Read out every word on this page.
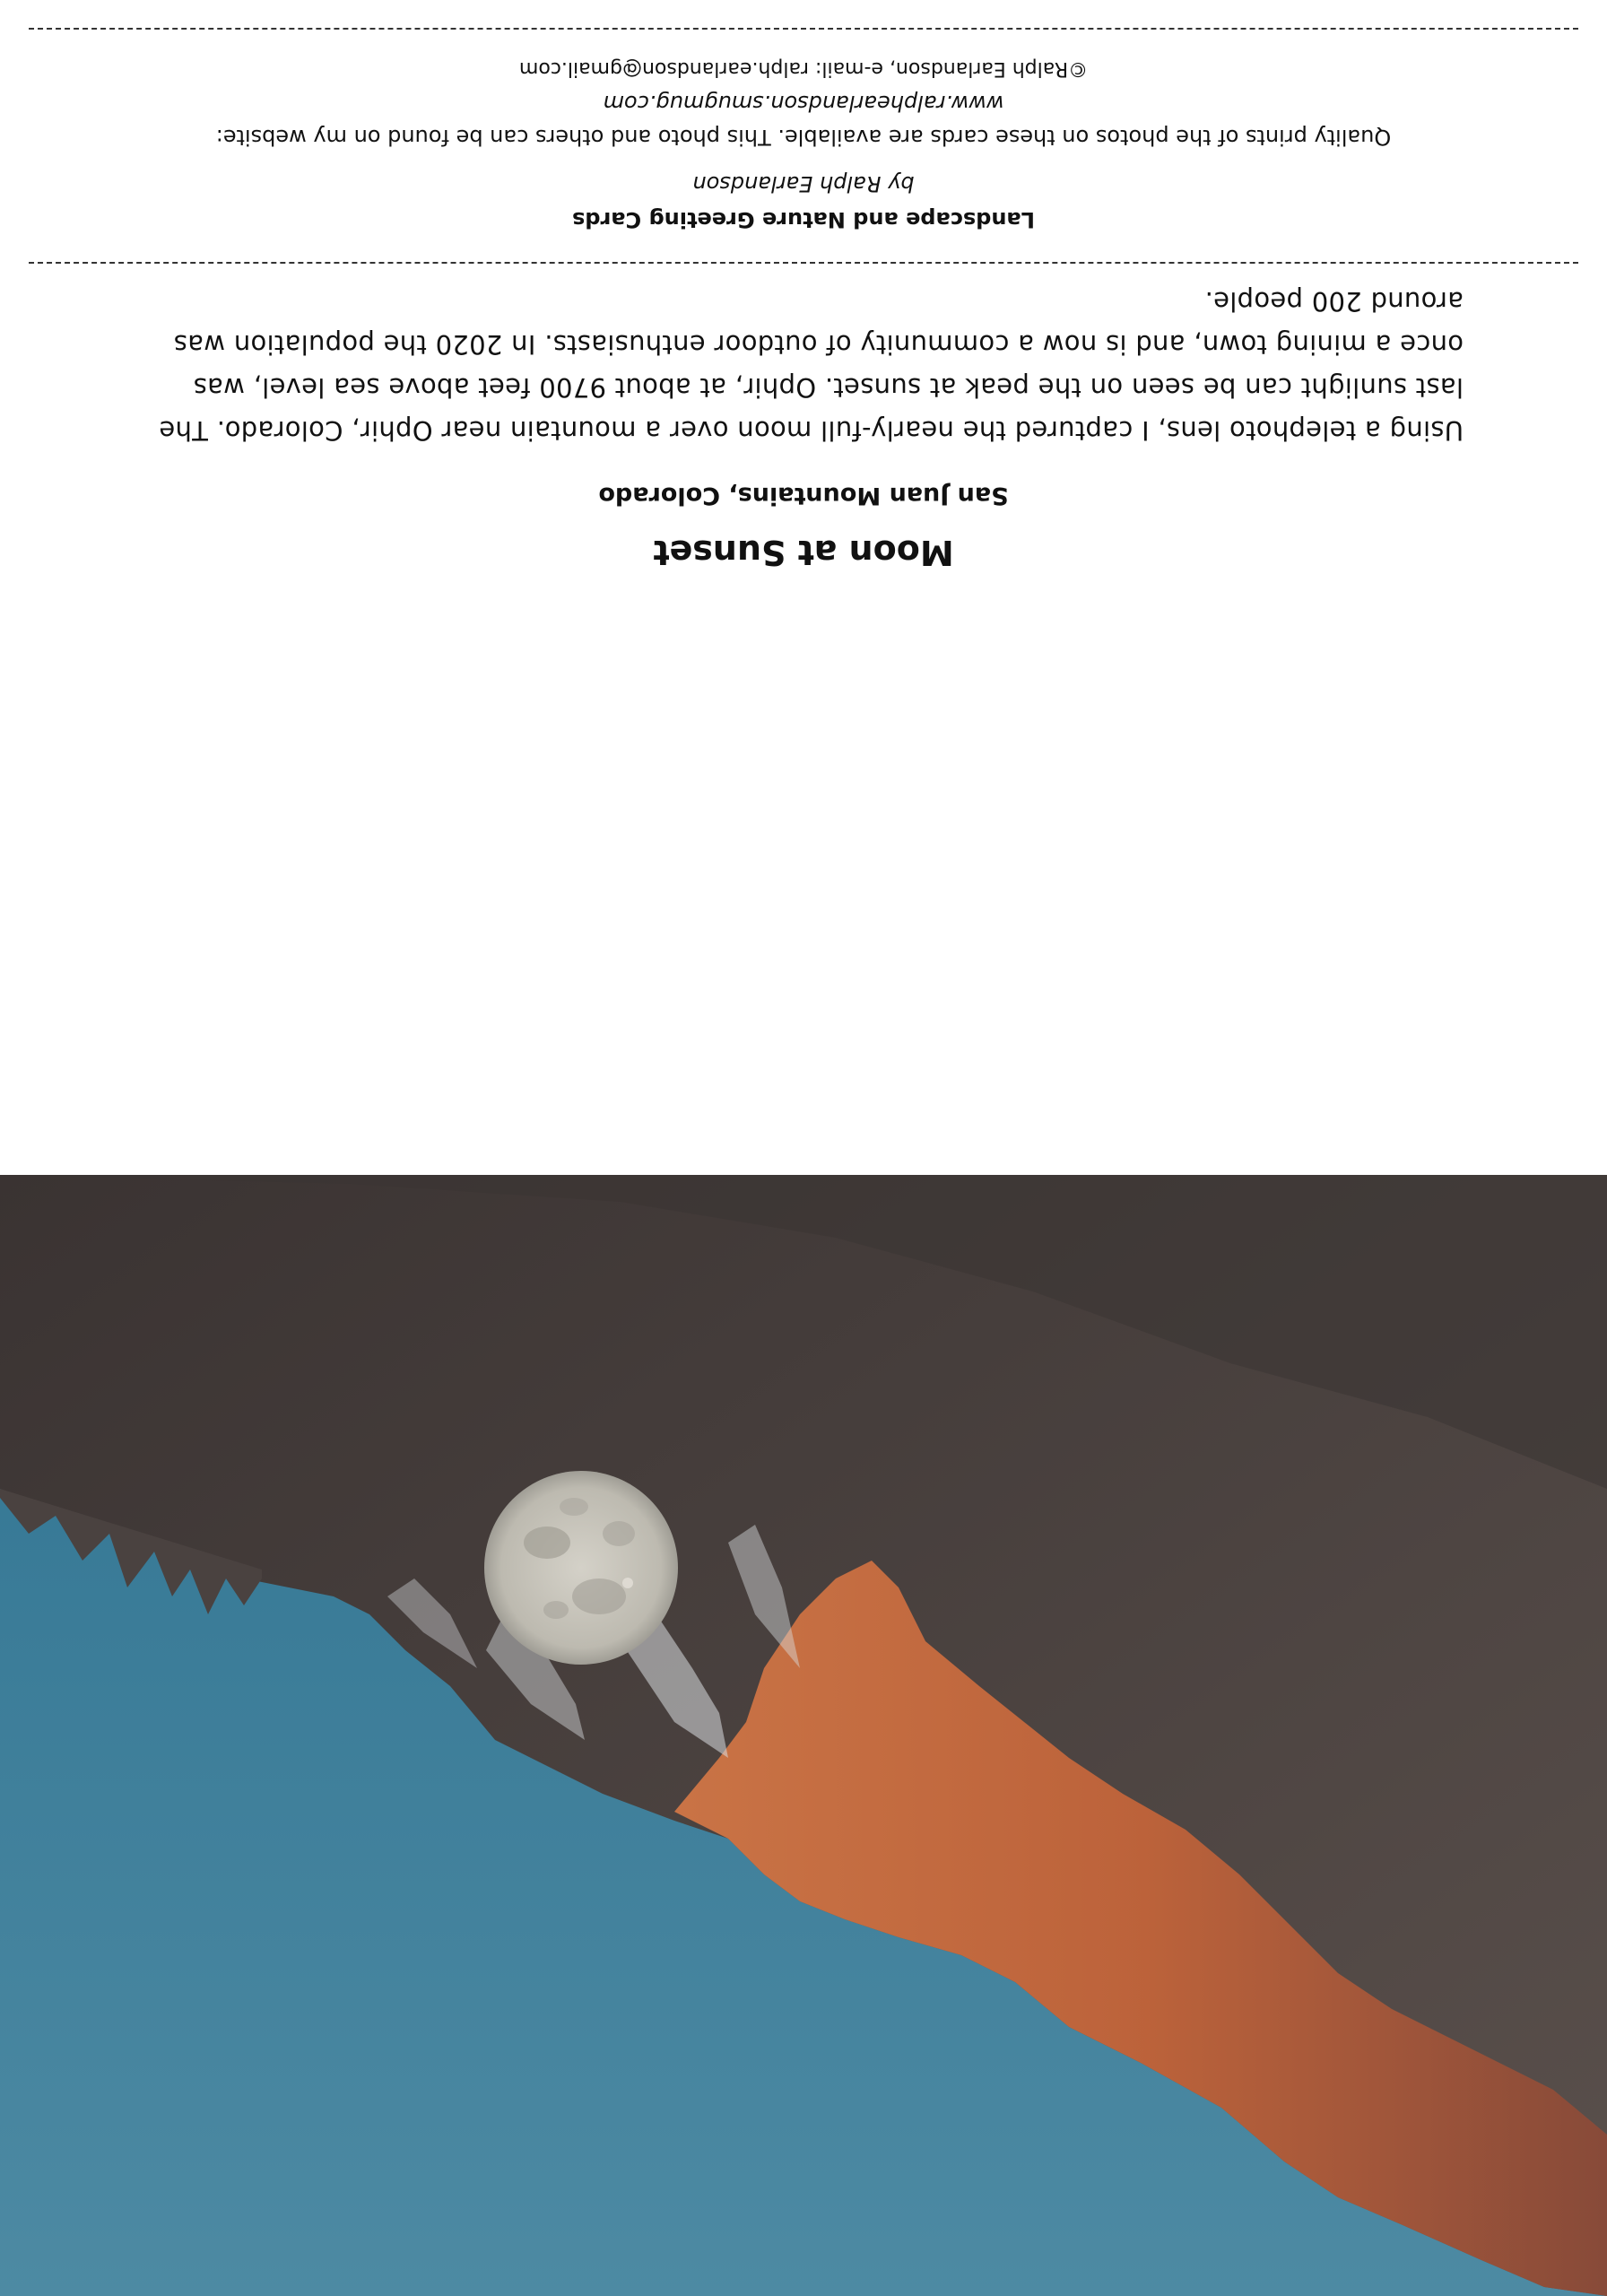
Moon at Sunset

San Juan Mountains, Colorado

Using a telephoto lens, I captured the nearly-full moon over a mountain near Ophir, Colorado. The last sunlight can be seen on the peak at sunset. Ophir, at about 9700 feet above sea level, was once a mining town, and is now a community of outdoor enthusiasts. In 2020 the population was around 200 people.

Landscape and Nature Greeting Cards

by Ralph Earlandson

Quality prints of the photos on these cards are available. This photo and others can be found on my website:

www.ralphearlandson.smugmug.com

©Ralph Earlandson, e-mail: ralph.earlandson@gmail.com
